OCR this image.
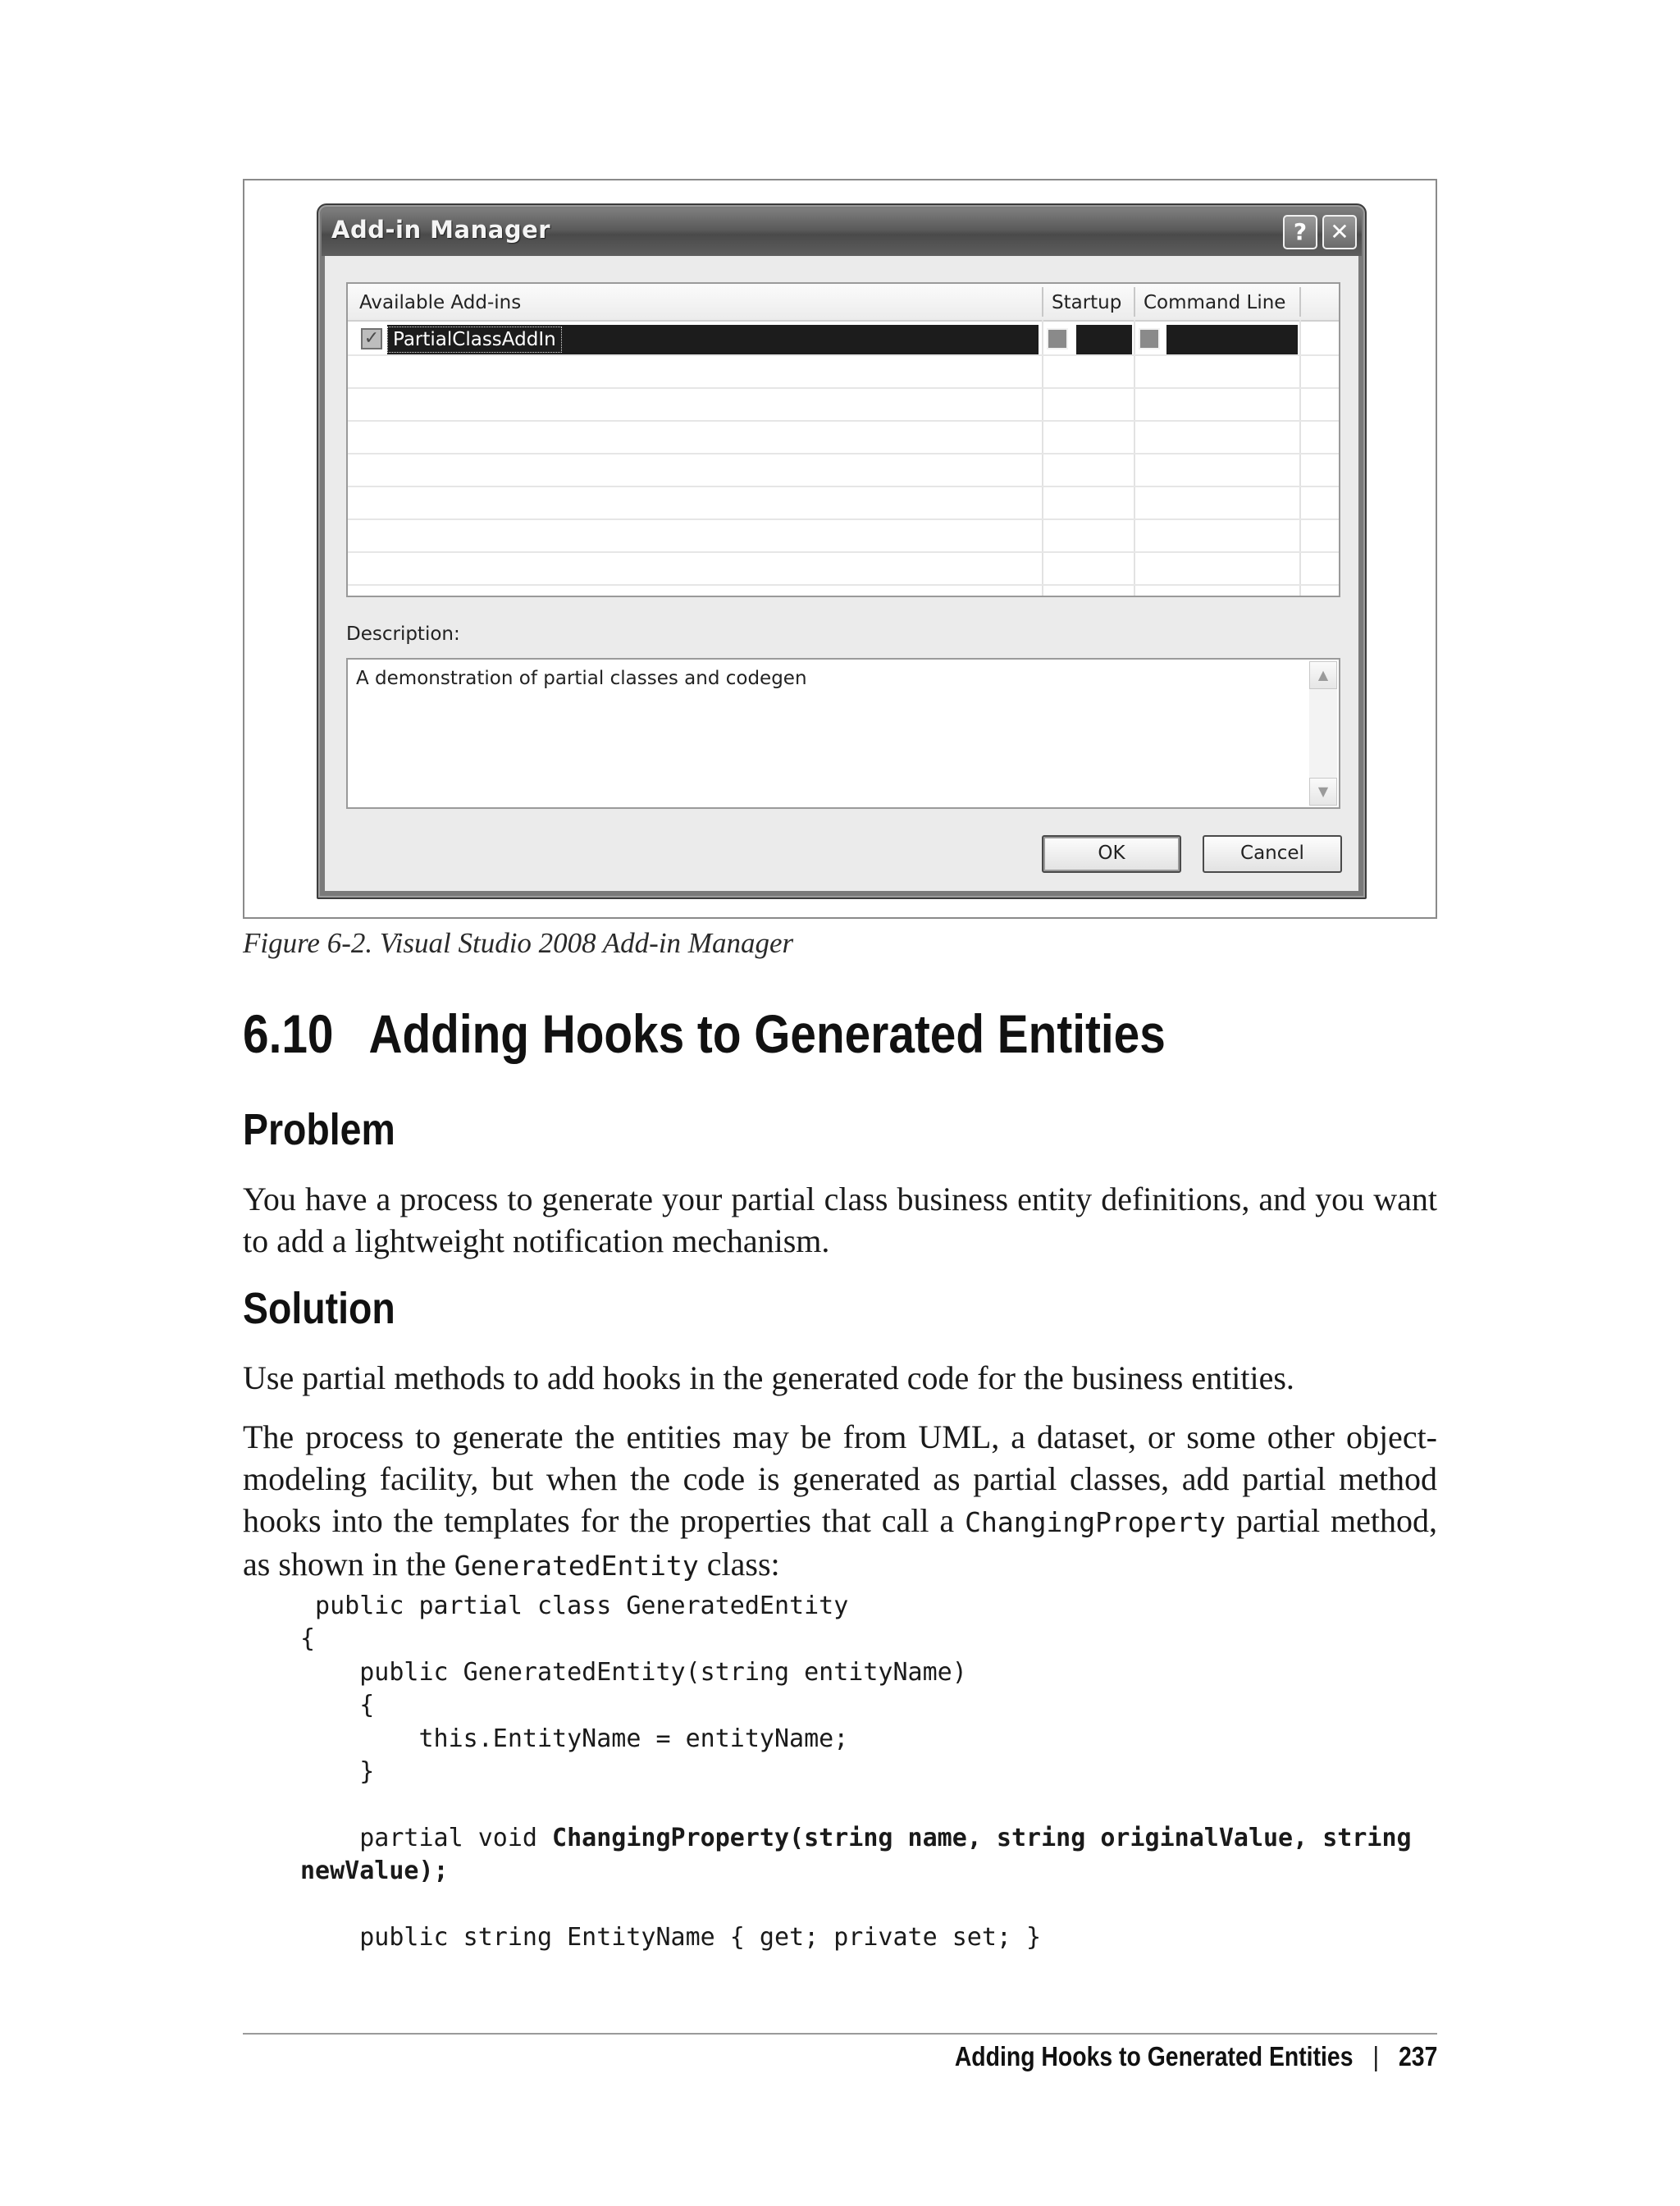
Add-in Manager	?	✕
Available Add-ins	Startup Command Line
✓ PartialClassAddIn
Description:
A demonstration of partial classes and codegen	▲
▼
OK	Cancel
Figure 6-2. Visual Studio 2008 Add-in Manager
6.10 Adding Hooks to Generated Entities
Problem
You have a process to generate your partial class business entity definitions, and you want to add a lightweight notification mechanism.
Solution
Use partial methods to add hooks in the generated code for the business entities.
The process to generate the entities may be from UML, a dataset, or some other object-modeling facility, but when the code is generated as partial classes, add partial method hooks into the templates for the properties that call a ChangingProperty partial method, as shown in the GeneratedEntity class:
public partial class GeneratedEntity
{
public GeneratedEntity(string entityName)
{
this.EntityName = entityName;
}

partial void ChangingProperty(string name, string originalValue, string
newValue);

public string EntityName { get; private set; }
Adding Hooks to Generated Entities | 237
